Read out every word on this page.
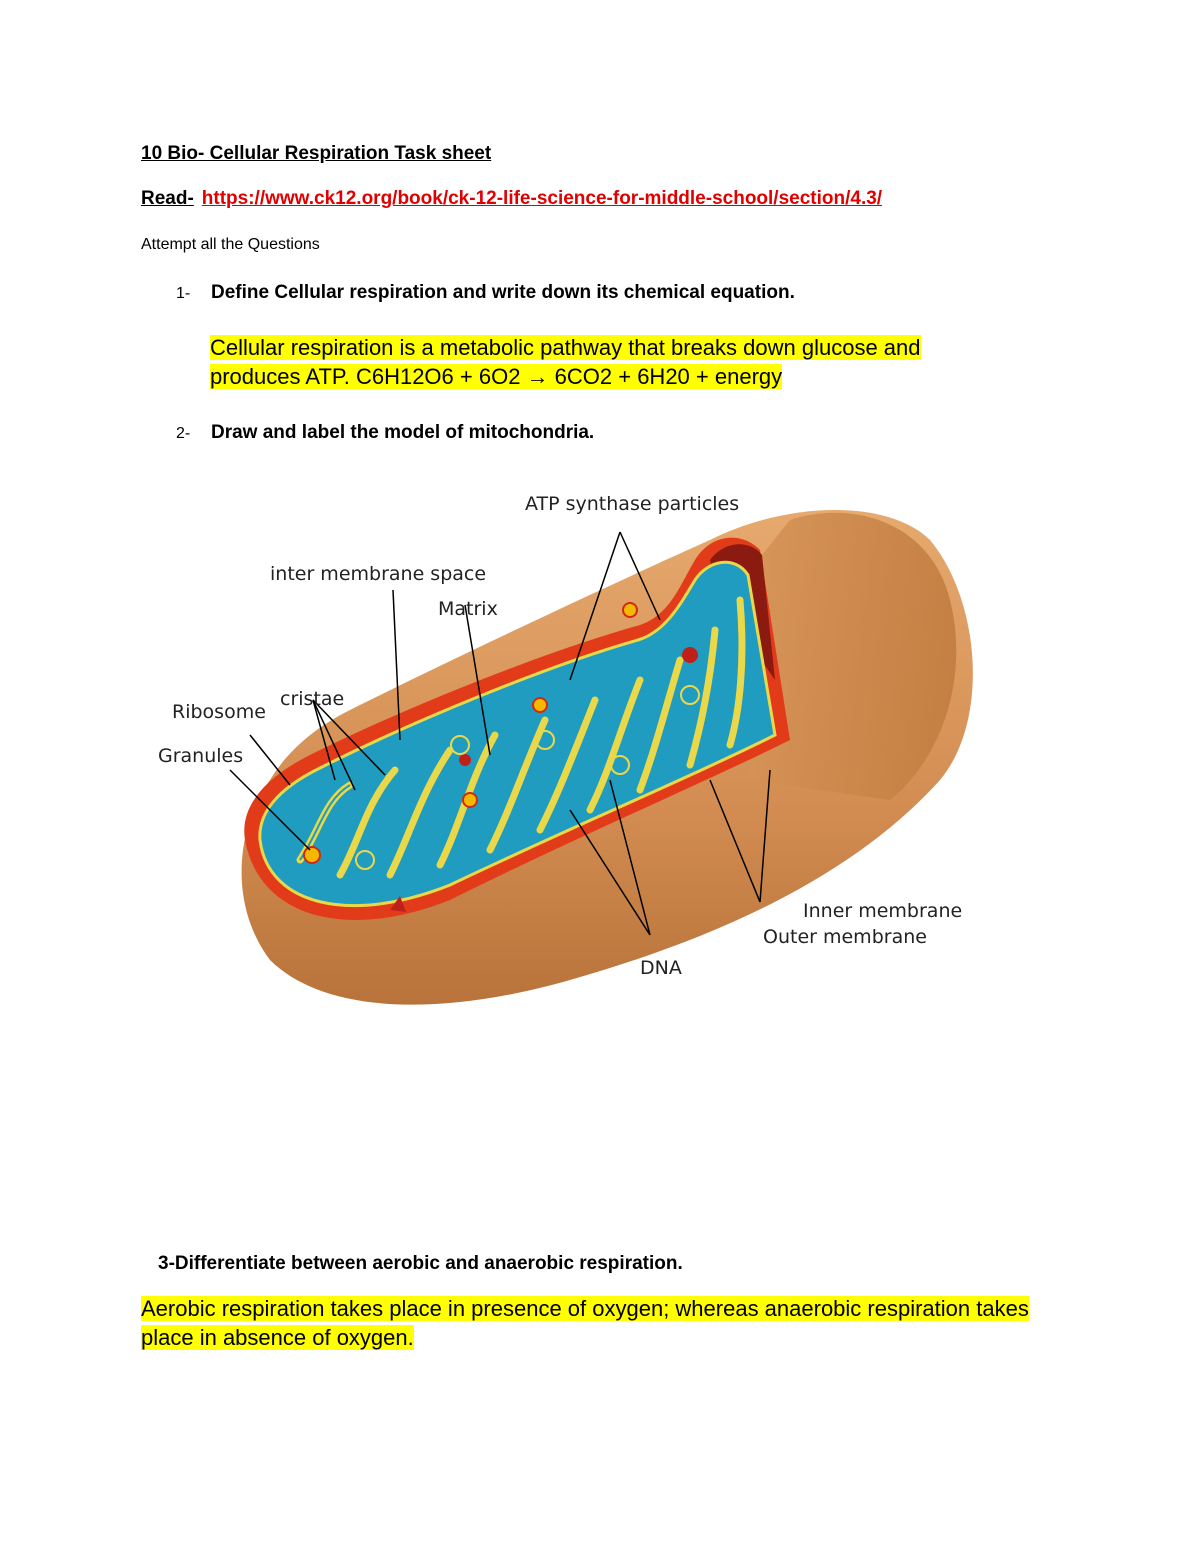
10 Bio- Cellular Respiration Task sheet
Read- https://www.ck12.org/book/ck-12-life-science-for-middle-school/section/4.3/
Attempt all the Questions
1- Define Cellular respiration and write down its chemical equation.
Cellular respiration is a metabolic pathway that breaks down glucose and produces ATP. C6H12O6 + 6O2 → 6CO2 + 6H20 + energy
2- Draw and label the model of mitochondria.
ATP synthase particles
inter membrane space
Matrix
cristae
Ribosome
Granules
Inner membrane
Outer membrane
DNA
3-Differentiate between aerobic and anaerobic respiration.
Aerobic respiration takes place in presence of oxygen; whereas anaerobic respiration takes place in absence of oxygen.
